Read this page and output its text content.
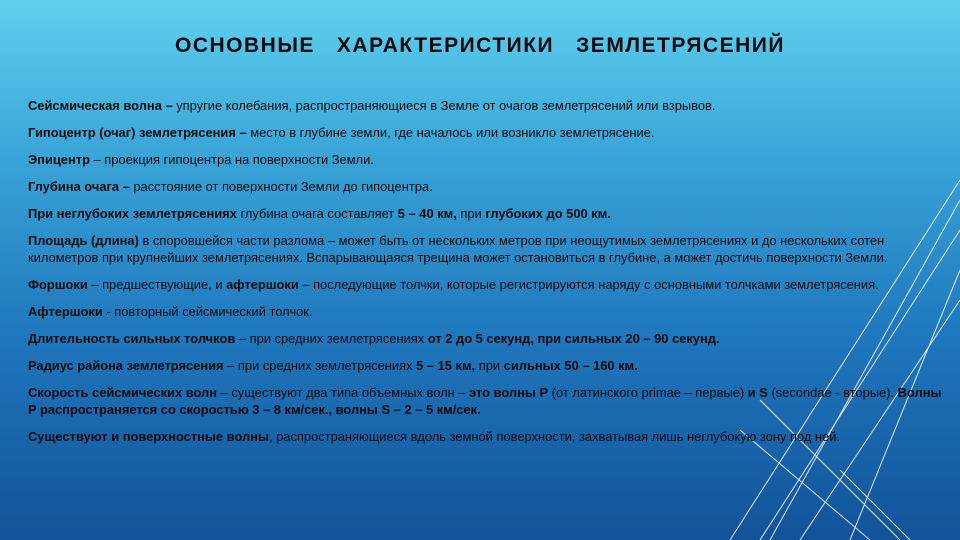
ОСНОВНЫЕ   ХАРАКТЕРИСТИКИ   ЗЕМЛЕТРЯСЕНИЙ

Сейсмическая волна – упругие колебания, распространяющиеся в Земле от очагов землетрясений или взрывов.

Гипоцентр (очаг) землетрясения – место в глубине земли, где началось или возникло землетрясение.

Эпицентр – проекция гипоцентра на поверхности Земли.

Глубина очага – расстояние от поверхности Земли до гипоцентра.

При неглубоких землетрясениях глубина очага составляет 5 – 40 км, при глубоких до 500 км.

Площадь (длина) в споровшейся части разлома – может быть от нескольких метров при неощутимых землетрясениях и до нескольких сотен километров при крупнейших землетрясениях. Вспарывающаяся трещина может остановиться в глубине, а может достичь поверхности Земли.

Форшоки – предшествующие, и афтершоки – последующие толчки, которые регистрируются наряду с основными толчками землетрясения.

Афтершоки - повторный сейсмический толчок.

Длительность сильных толчков – при средних землетрясениях от 2 до 5 секунд, при сильных 20 – 90 секунд.

Радиус района землетрясения – при средних землетрясениях 5 – 15 км, при сильных 50 – 160 км.

Скорость сейсмических волн – существуют два типа объемных волн – это волны P (от латинского primae – первые) и S (secondae - вторые). Волны P распространяется со скоростью 3 – 8 км/сек., волны S – 2 – 5 км/сек.

Существуют и поверхностные волны, распространяющиеся вдоль земной поверхности, захватывая лишь неглубокую зону под ней.
